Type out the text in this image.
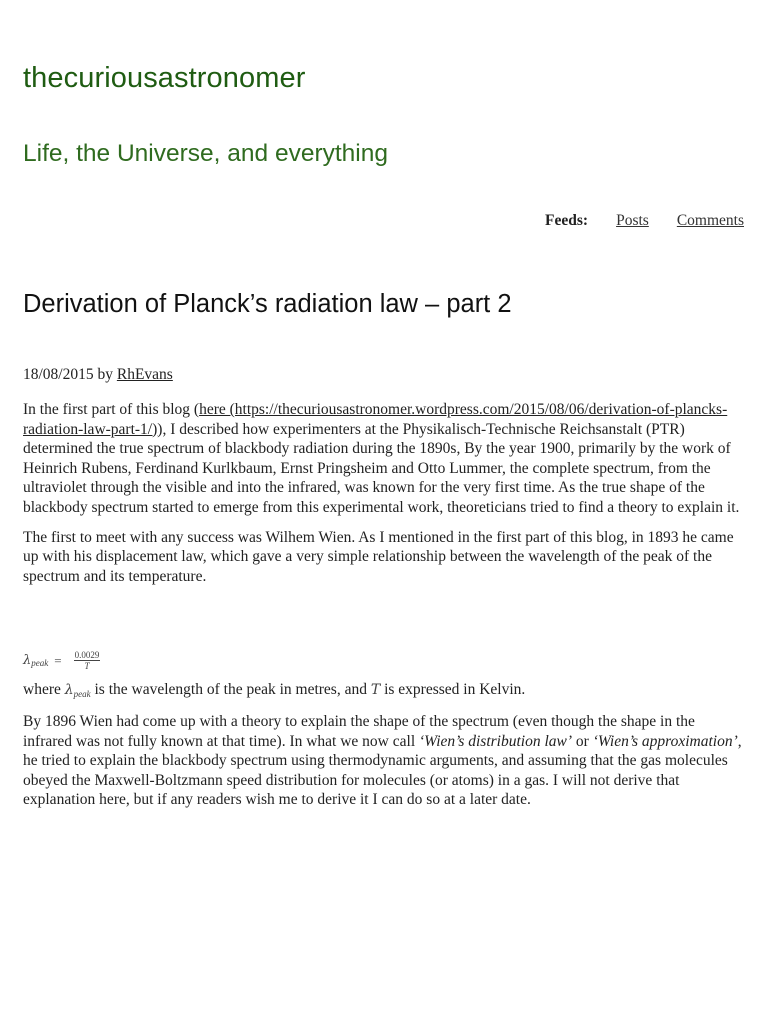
thecuriousastronomer
Life, the Universe, and everything
Feeds: Posts Comments
Derivation of Planck’s radiation law – part 2
18/08/2015 by RhEvans

In the first part of this blog (here (https://thecuriousastronomer.wordpress.com/2015/08/06/derivation-of-plancks-radiation-law-part-1/)), I described how experimenters at the Physikalisch-Technische Reichsanstalt (PTR) determined the true spectrum of blackbody radiation during the 1890s, By the year 1900, primarily by the work of Heinrich Rubens, Ferdinand Kurlkbaum, Ernst Pringsheim and Otto Lummer, the complete spectrum, from the ultraviolet through the visible and into the infrared, was known for the very first time. As the true shape of the blackbody spectrum started to emerge from this experimental work, theoreticians tried to find a theory to explain it.

The first to meet with any success was Wilhem Wien. As I mentioned in the first part of this blog, in 1893 he came up with his displacement law, which gave a very simple relationship between the wavelength of the peak of the spectrum and its temperature.

λ peak = $\frac{0.0029}{T}$

where $\lambda_{peak}$ is the wavelength of the peak in metres, and T is expressed in Kelvin.

By 1896 Wien had come up with a theory to explain the shape of the spectrum (even though the shape in the infrared was not fully known at that time). In what we now call ‘Wien’s distribution law’ or ‘Wien’s approximation’, he tried to explain the blackbody spectrum using thermodynamic arguments, and assuming that the gas molecules obeyed the Maxwell-Boltzmann speed distribution for molecules (or atoms) in a gas. I will not derive that explanation here, but if any readers wish me to derive it I can do so at a later date.
